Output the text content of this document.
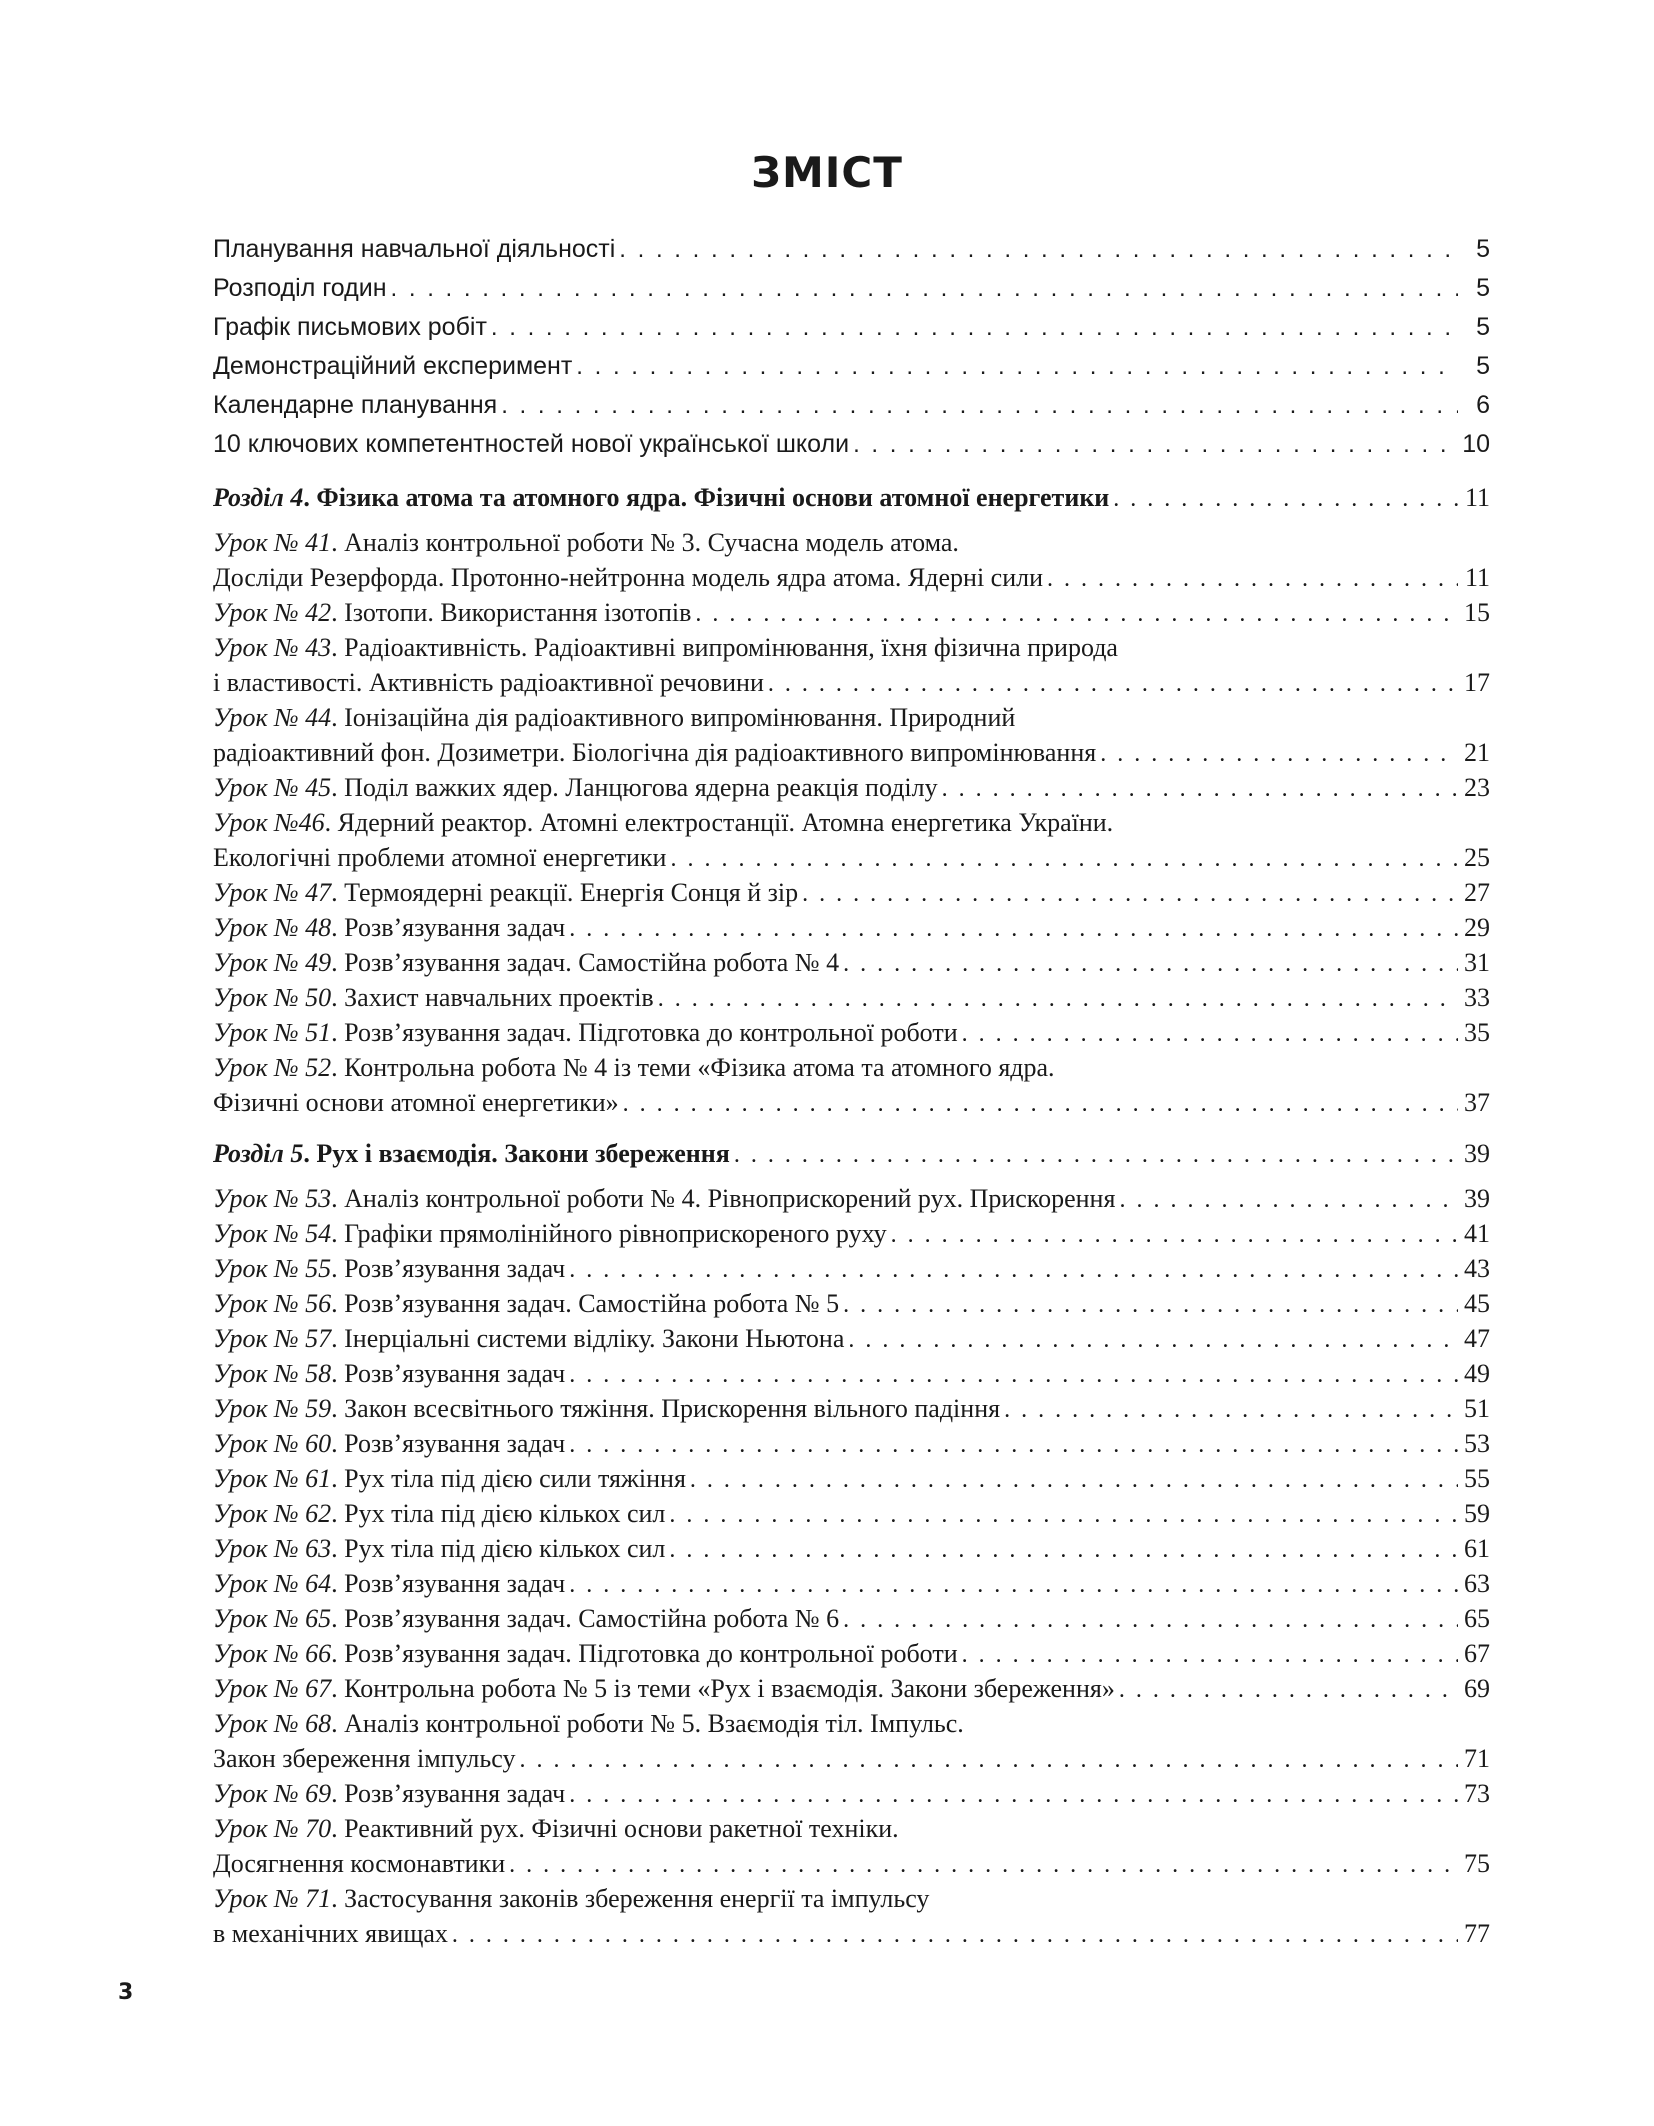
ЗМІСТ
Планування навчальної діяльності . . .	5
Розподіл годин . . .	5
Графік письмових робіт . . .	5
Демонстраційний експеримент . . .	5
Календарне планування . . .	6
10 ключових компетентностей нової української школи . . .	10
Розділ 4. Фізика атома та атомного ядра. Фізичні основи атомної енергетики . . .	11
Урок № 41. Аналіз контрольної роботи № 3. Сучасна модель атома.
Досліди Резерфорда. Протонно-нейтронна модель ядра атома. Ядерні сили . . .	11
Урок № 42. Ізотопи. Використання ізотопів . . .	15
Урок № 43. Радіоактивність. Радіоактивні випромінювання, їхня фізична природа
і властивості. Активність радіоактивної речовини . . .	17
Урок № 44. Іонізаційна дія радіоактивного випромінювання. Природний
радіоактивний фон. Дозиметри. Біологічна дія радіоактивного випромінювання . . .	21
Урок № 45. Поділ важких ядер. Ланцюгова ядерна реакція поділу . . .	23
Урок №46. Ядерний реактор. Атомні електростанції. Атомна енергетика України.
Екологічні проблеми атомної енергетики . . .	25
Урок № 47. Термоядерні реакції. Енергія Сонця й зір . . .	27
Урок № 48. Розв’язування задач . . .	29
Урок № 49. Розв’язування задач. Самостійна робота № 4 . . .	31
Урок № 50. Захист навчальних проектів . . .	33
Урок № 51. Розв’язування задач. Підготовка до контрольної роботи . . .	35
Урок № 52. Контрольна робота № 4 із теми «Фізика атома та атомного ядра.
Фізичні основи атомної енергетики» . . .	37
Розділ 5. Рух і взаємодія. Закони збереження . . .	39
Урок № 53. Аналіз контрольної роботи № 4. Рівноприскорений рух. Прискорення . . .	39
Урок № 54. Графіки прямолінійного рівноприскореного руху . . .	41
Урок № 55. Розв’язування задач . . .	43
Урок № 56. Розв’язування задач. Самостійна робота № 5 . . .	45
Урок № 57. Інерціальні системи відліку. Закони Ньютона . . .	47
Урок № 58. Розв’язування задач . . .	49
Урок № 59. Закон всесвітнього тяжіння. Прискорення вільного падіння . . .	51
Урок № 60. Розв’язування задач . . .	53
Урок № 61. Рух тіла під дією сили тяжіння . . .	55
Урок № 62. Рух тіла під дією кількох сил . . .	59
Урок № 63. Рух тіла під дією кількох сил . . .	61
Урок № 64. Розв’язування задач . . .	63
Урок № 65. Розв’язування задач. Самостійна робота № 6 . . .	65
Урок № 66. Розв’язування задач. Підготовка до контрольної роботи . . .	67
Урок № 67. Контрольна робота № 5 із теми «Рух і взаємодія. Закони збереження» . . .	69
Урок № 68. Аналіз контрольної роботи № 5. Взаємодія тіл. Імпульс.
Закон збереження імпульсу . . .	71
Урок № 69. Розв’язування задач . . .	73
Урок № 70. Реактивний рух. Фізичні основи ракетної техніки.
Досягнення космонавтики . . .	75
Урок № 71. Застосування законів збереження енергії та імпульсу
в механічних явищах . . .	77
3
